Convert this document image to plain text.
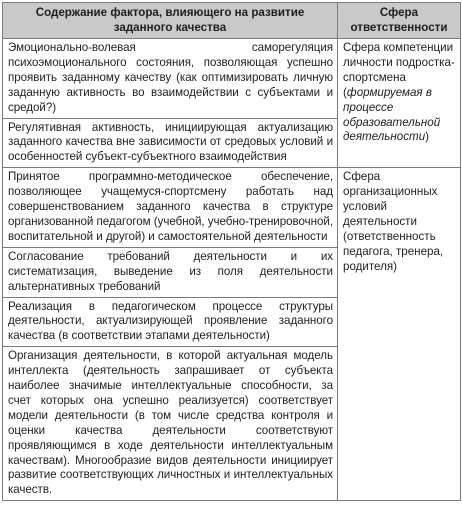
Содержание фактора, влияющего на развитие заданного качества	Сфера ответственности

Эмоционально-волевая саморегуляция психоэмоционального состояния, позволяющая успешно проявить заданному качеству (как оптимизировать личную заданную активность во взаимодействии с субъектами и средой?)	Сфера компетенции личности подростка-спортсмена (формируемая в процессе образовательной деятельности)

Регулятивная активность, инициирующая актуализацию заданного качества вне зависимости от средовых условий и особенностей субъект-субъектного взаимодействия	

Принятое программно-методическое обеспечение, позволяющее учащемуся-спортсмену работать над совершенствованием заданного качества в структуре организованной педагогом (учебной, учебно-тренировочной, воспитательной и другой) и самостоятельной деятельности	Сфера организационных условий деятельности (ответственность педагога, тренера, родителя)

Согласование требований деятельности и их систематизация, выведение из поля деятельности альтернативных требований	

Реализация в педагогическом процессе структуры деятельности, актуализирующей проявление заданного качества (в соответствии этапами деятельности)	

Организация деятельности, в которой актуальная модель интеллекта (деятельность запрашивает от субъекта наиболее значимые интеллектуальные способности, за счет которых она успешно реализуется) соответствует модели деятельности (в том числе средства контроля и оценки качества деятельности соответствуют проявляющимся в ходе деятельности интеллектуальным качествам). Многообразие видов деятельности инициирует развитие соответствующих личностных и интеллектуальных качеств.	
